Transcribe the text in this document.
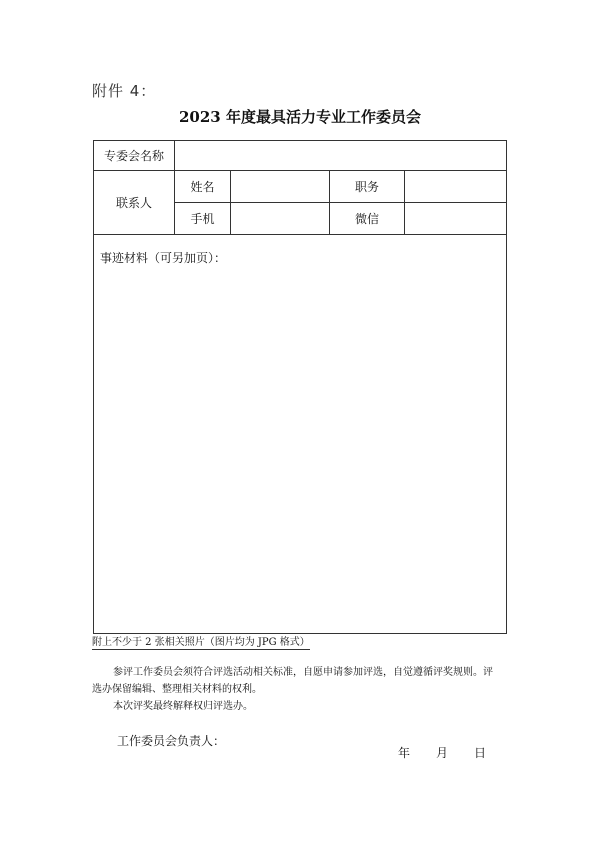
附件 4：
2023 年度最具活力专业工作委员会
专委会名称
联系人
姓名	职务
手机	微信
事迹材料（可另加页）：
附上不少于 2 张相关照片（图片均为 JPG 格式）
参评工作委员会须符合评选活动相关标准，自愿申请参加评选，自觉遵循评奖规则。评
选办保留编辑、整理相关材料的权利。
本次评奖最终解释权归评选办。
工作委员会负责人：
年 月 日
